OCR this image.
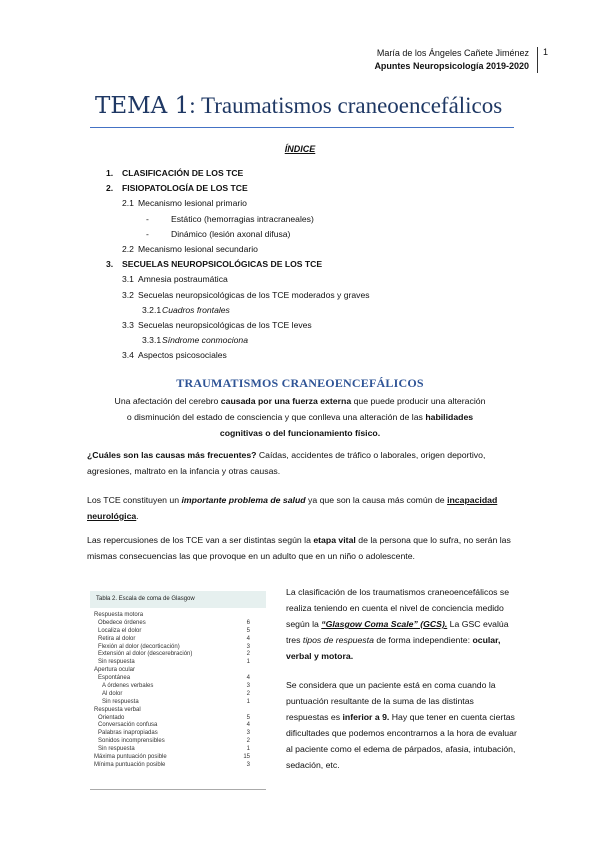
María de los Ángeles Cañete Jiménez
Apuntes Neuropsicología 2019-2020
1
TEMA 1: Traumatismos craneoencefálicos
ÍNDICE
1. CLASIFICACIÓN DE LOS TCE
2. FISIOPATOLOGÍA DE LOS TCE
2.1 Mecanismo lesional primario
-	Estático (hemorragias intracraneales)
-	Dinámico (lesión axonal difusa)
2.2 Mecanismo lesional secundario
3. SECUELAS NEUROPSICOLÓGICAS DE LOS TCE
3.1 Amnesia postraumática
3.2 Secuelas neuropsicológicas de los TCE moderados y graves
3.2.1Cuadros frontales
3.3 Secuelas neuropsicológicas de los TCE leves
3.3.1Síndrome conmociona
3.4 Aspectos psicosociales
TRAUMATISMOS CRANEOENCEFÁLICOS
Una afectación del cerebro causada por una fuerza externa que puede producir una alteración
o disminución del estado de consciencia y que conlleva una alteración de las habilidades
cognitivas o del funcionamiento físico.
¿Cuáles son las causas más frecuentes? Caídas, accidentes de tráfico o laborales, origen deportivo, agresiones, maltrato en la infancia y otras causas.
Los TCE constituyen un importante problema de salud ya que son la causa más común de incapacidad neurológica.
Las repercusiones de los TCE van a ser distintas según la etapa vital de la persona que lo sufra, no serán las mismas consecuencias las que provoque en un adulto que en un niño o adolescente.
Tabla 2. Escala de coma de Glasgow
Respuesta motora
Obedece órdenes	6
Localiza el dolor	5
Retira al dolor	4
Flexión al dolor (decorticación)	3
Extensión al dolor (descerebración)	2
Sin respuesta	1
Apertura ocular
Espontánea	4
A órdenes verbales	3
Al dolor	2
Sin respuesta	1
Respuesta verbal
Orientado	5
Conversación confusa	4
Palabras inapropiadas	3
Sonidos incomprensibles	2
Sin respuesta	1
Máxima puntuación posible	15
Mínima puntuación posible	3
La clasificación de los traumatismos craneoencefálicos se realiza teniendo en cuenta el nivel de conciencia medido según la “Glasgow Coma Scale” (GCS). La GSC evalúa tres tipos de respuesta de forma independiente: ocular, verbal y motora.
Se considera que un paciente está en coma cuando la puntuación resultante de la suma de las distintas respuestas es inferior a 9. Hay que tener en cuenta ciertas dificultades que podemos encontrarnos a la hora de evaluar al paciente como el edema de párpados, afasia, intubación, sedación, etc.
